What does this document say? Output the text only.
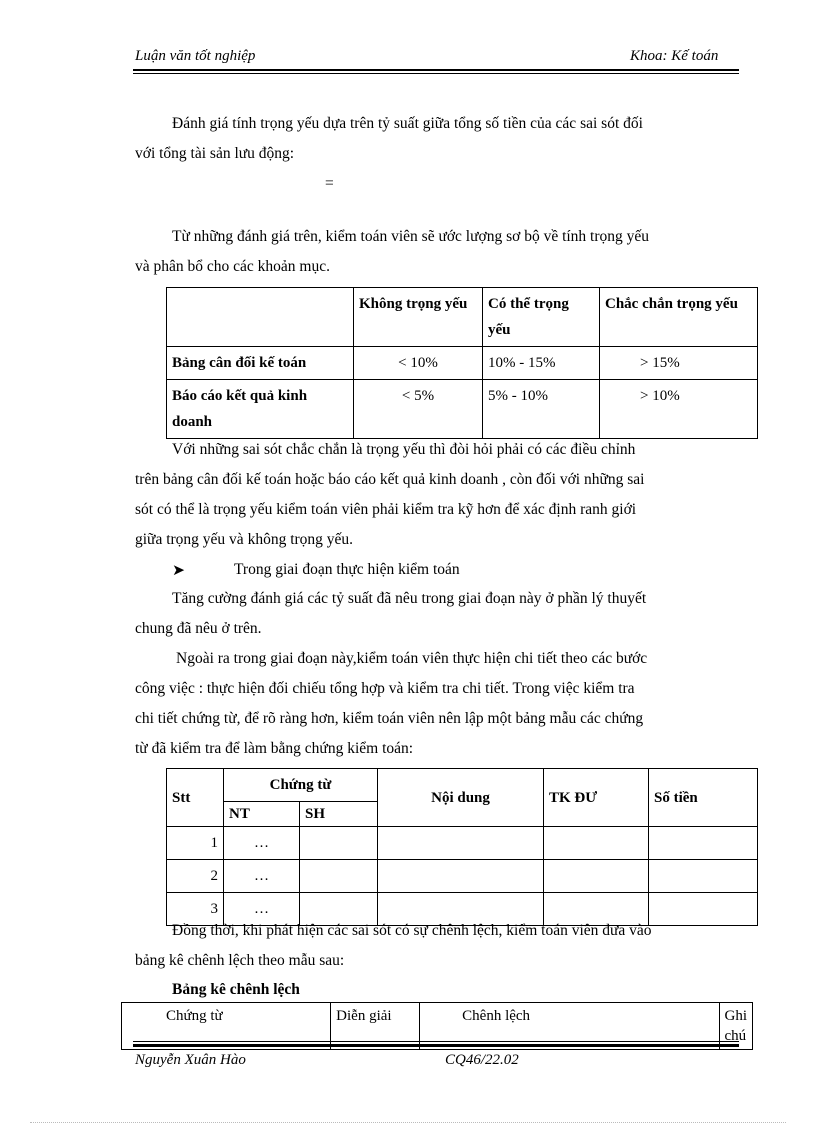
Luận văn tốt nghiệp	Khoa: Kế toán
Đánh giá tính trọng yếu dựa trên tỷ suất giữa tổng số tiền của các sai sót đối
với tổng tài sản lưu động:
=
Từ những đánh giá trên, kiểm toán viên sẽ ước lượng sơ bộ về tính trọng yếu
và phân bổ cho các khoản mục.
	Không trọng yếu	Có thể trọng yếu	Chắc chắn trọng yếu
Bảng cân đối kế toán	< 10%	10% - 15%	> 15%
Báo cáo kết quả kinh doanh	< 5%	5% - 10%	> 10%
Với những sai sót chắc chắn là trọng yếu thì đòi hỏi phải có các điều chỉnh
trên bảng cân đối kế toán hoặc báo cáo kết quả kinh doanh , còn đối với những sai
sót có thể là trọng yếu kiểm toán viên phải kiểm tra kỹ hơn để xác định ranh giới
giữa trọng yếu và không trọng yếu.
➤	Trong giai đoạn thực hiện kiểm toán
Tăng cường đánh giá các tỷ suất đã nêu trong giai đoạn này ở phần lý thuyết
chung đã nêu ở trên.
Ngoài ra trong giai đoạn này,kiểm toán viên thực hiện chi tiết theo các bước
công việc : thực hiện đối chiếu tổng hợp và kiểm tra chi tiết. Trong việc kiểm tra
chi tiết chứng từ, để rõ ràng hơn, kiểm toán viên nên lập một bảng mẫu các chứng
từ đã kiểm tra để làm bằng chứng kiểm toán:
Stt	Chứng từ		Nội dung	TK ĐƯ	Số tiền
	NT	SH			
1	…				
2	…				
3	…				
Đồng thời, khi phát hiện các sai sót có sự chênh lệch, kiểm toán viên đưa vào
bảng kê chênh lệch theo mẫu sau:
Bảng kê chênh lệch
Chứng từ	Diễn giải	Chênh lệch	Ghi chú
Nguyễn Xuân Hào	CQ46/22.02
